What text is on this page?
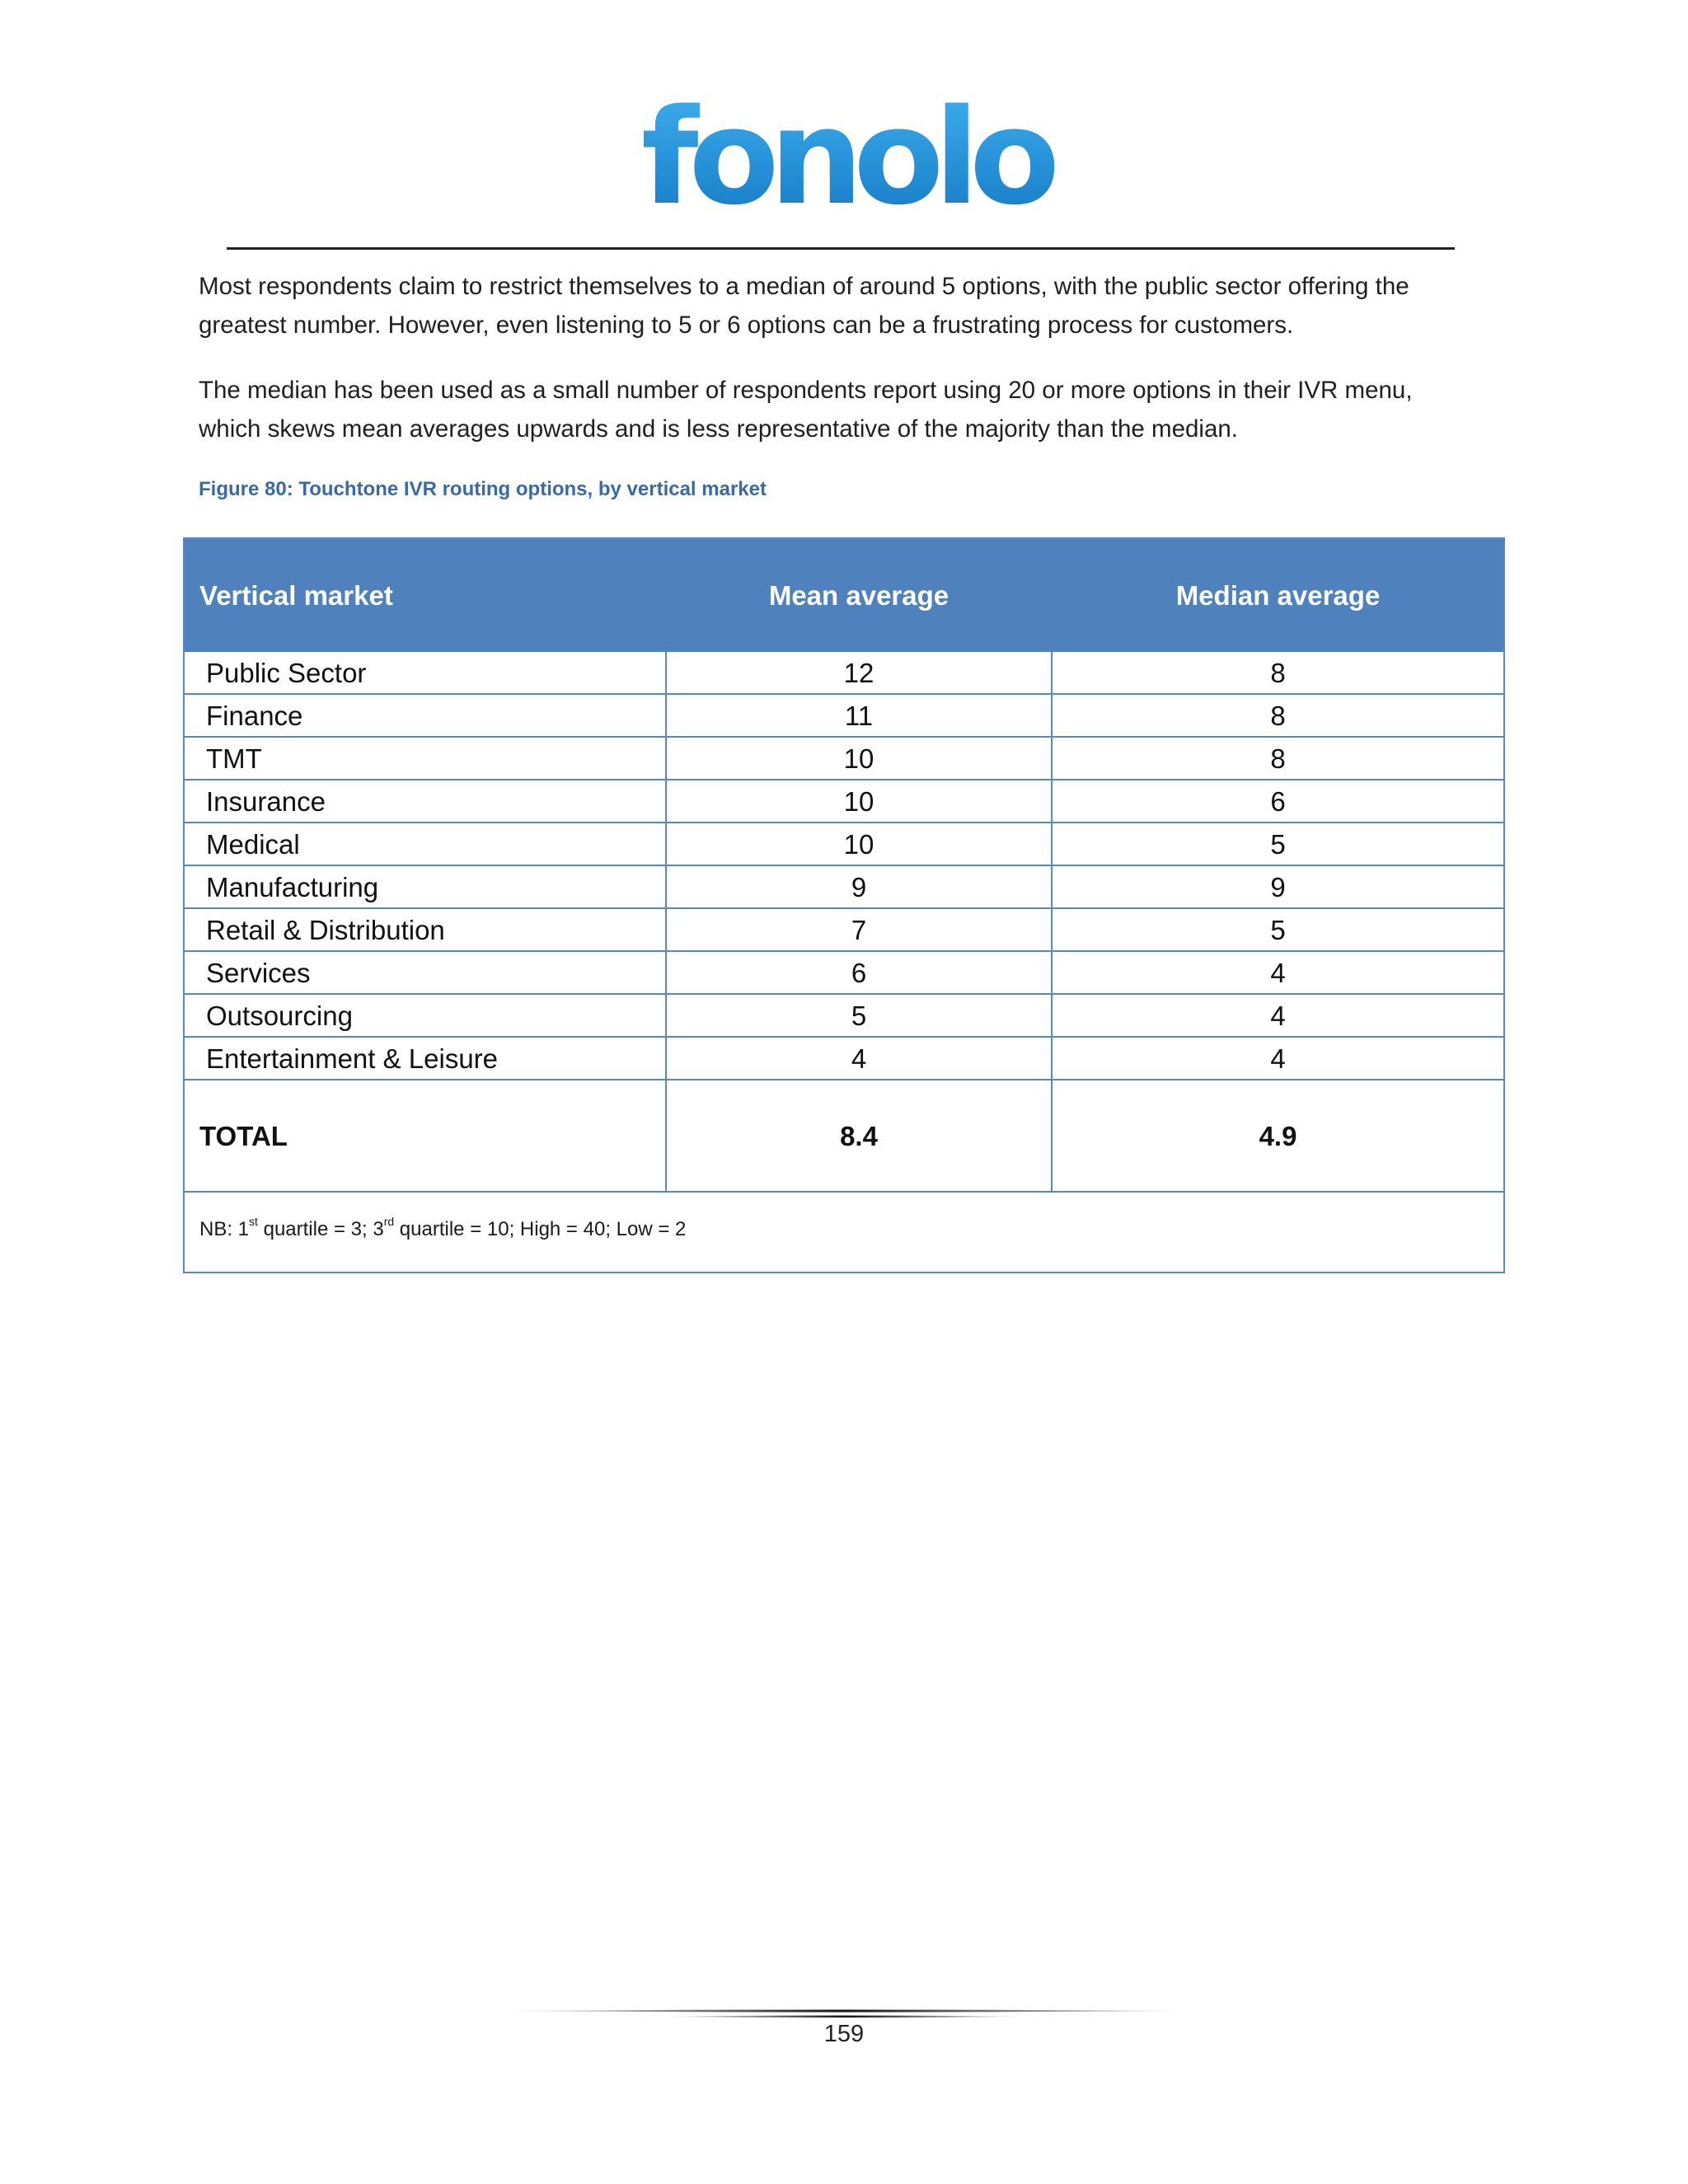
fonolo
Most respondents claim to restrict themselves to a median of around 5 options, with the public sector offering the
greatest number. However, even listening to 5 or 6 options can be a frustrating process for customers.
The median has been used as a small number of respondents report using 20 or more options in their IVR menu,
which skews mean averages upwards and is less representative of the majority than the median.
Figure 80: Touchtone IVR routing options, by vertical market
Vertical market	Mean average	Median average
Public Sector	12	8
Finance	11	8
TMT	10	8
Insurance	10	6
Medical	10	5
Manufacturing	9	9
Retail & Distribution	7	5
Services	6	4
Outsourcing	5	4
Entertainment & Leisure	4	4
TOTAL	8.4	4.9
NB: 1st quartile = 3; 3rd quartile = 10; High = 40; Low = 2
159
